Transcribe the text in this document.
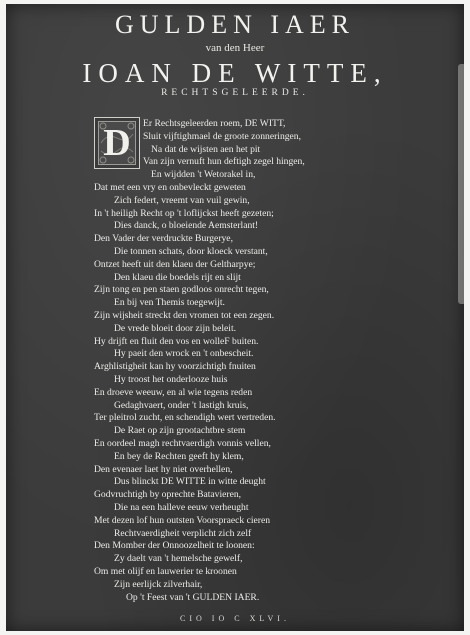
GULDEN IAER
van den Heer
IOAN DE WITTE,
RECHTSGELEERDE.
D	Er Rechtsgeleerden roem, DE WITT,
Sluit vijftighmael de groote zonneringen,
Na dat de wijsten aen het pit
Van zijn vernuft hun deftigh zegel hingen,
En wijdden 't Wetorakel in,
Dat met een vry en onbevleckt geweten
Zich federt, vreemt van vuil gewin,
In 't heiligh Recht op 't loflijckst heeft gezeten;
Dies danck, o bloeiende Aemsterlant!
Den Vader der verdruckte Burgerye,
Die tonnen schats, door kloeck verstant,
Ontzet heeft uit den klaeu der Geltharpye;
Den klaeu die boedels rijt en slijt
Zijn tong en pen staen godloos onrecht tegen,
En bij ven Themis toegewijt.
Zijn wijsheit streckt den vromen tot een zegen.
De vrede bloeit door zijn beleit.
Hy drijft en fluit den vos en wolleF buiten.
Hy paeit den wrock en 't onbescheit.
Arghlistigheit kan hy voorzichtigh fnuiten
Hy troost het onderloozе huis
En droeve weeuw, en al wie tegens reden
Gedaghvaert, onder 't lastigh kruis,
Ter pleitrol zucht, en schendigh wert vertreden.
De Raet op zijn grootachtbre stem
En oordeel magh rechtvaerdigh vonnis vellen,
En bey de Rechten geeft hy klem,
Den evenaer laet hy niet overhellen,
Dus blinckt DE WITTE in witte deught
Godvruchtigh by oprechte Bataviеren,
Die na een halleve eeuw verheught
Met dezen lof hun outsten Voorspraeck cieren
Rechtvaerdigheit verplicht zich zelf
Den Momber der Onnoozelheit te loonen:
Zy daelt van 't hemelsche gewelf,
Om met olijf en lauwerier te kroonen
Zijn eerlijck zilverhair,
Op 't Feest van 't GULDEN IAER.
CIO IO C XLVI.
